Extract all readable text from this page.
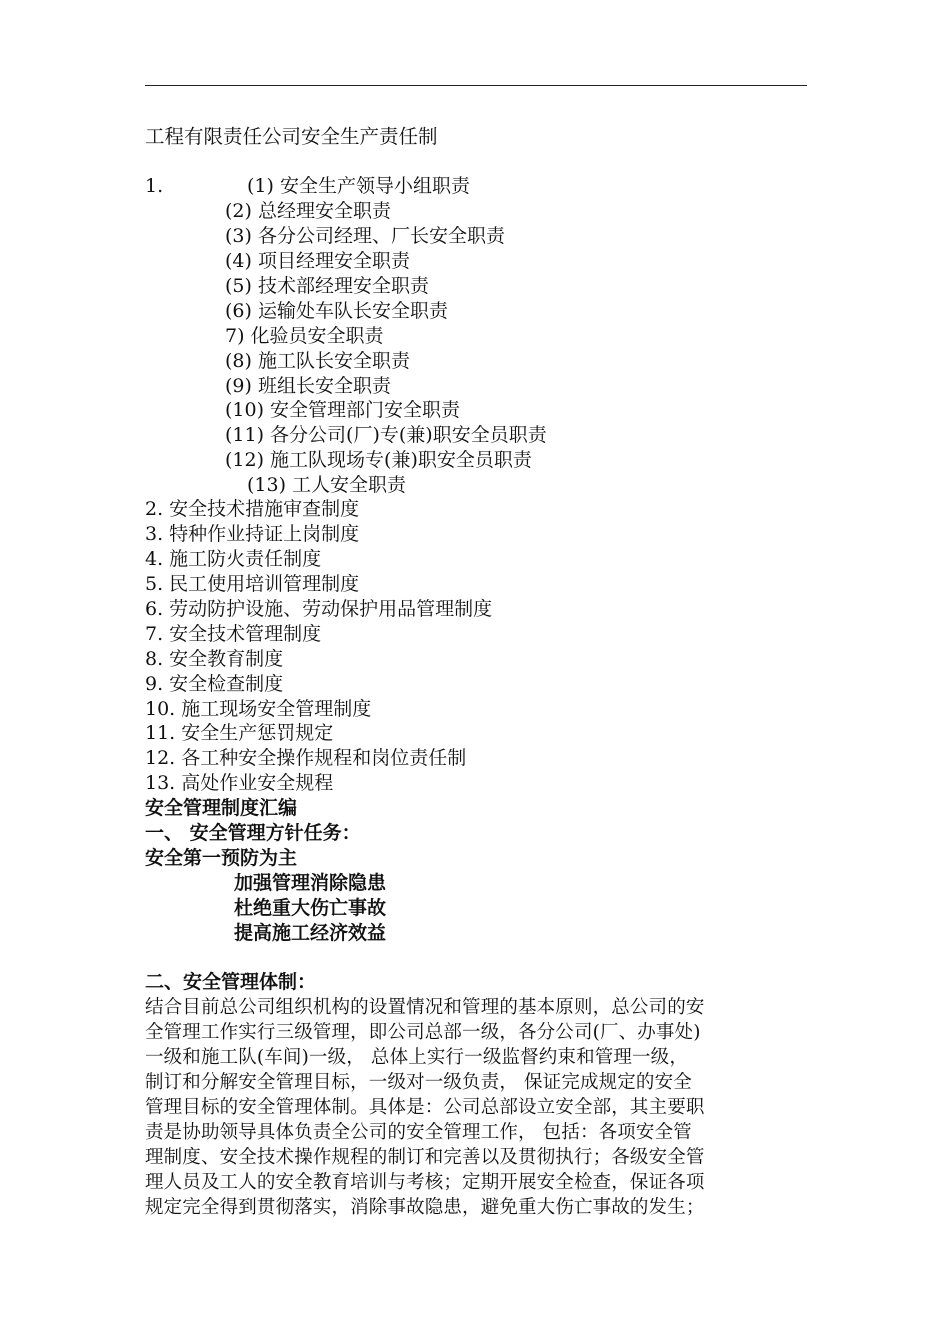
工程有限责任公司安全生产责任制
1.	(1) 安全生产领导小组职责
(2) 总经理安全职责
(3) 各分公司经理、厂长安全职责
(4) 项目经理安全职责
(5) 技术部经理安全职责
(6) 运输处车队长安全职责
7) 化验员安全职责
(8) 施工队长安全职责
(9) 班组长安全职责
(10) 安全管理部门安全职责
(11) 各分公司(厂)专(兼)职安全员职责
(12) 施工队现场专(兼)职安全员职责
(13) 工人安全职责
2. 安全技术措施审查制度
3. 特种作业持证上岗制度
4. 施工防火责任制度
5. 民工使用培训管理制度
6. 劳动防护设施、劳动保护用品管理制度
7. 安全技术管理制度
8. 安全教育制度
9. 安全检查制度
10. 施工现场安全管理制度
11. 安全生产惩罚规定
12. 各工种安全操作规程和岗位责任制
13. 高处作业安全规程
安全管理制度汇编
一、 安全管理方针任务：
安全第一预防为主
加强管理消除隐患
杜绝重大伤亡事故
提高施工经济效益
二、安全管理体制：
结合目前总公司组织机构的设置情况和管理的基本原则，总公司的安
全管理工作实行三级管理，即公司总部一级，各分公司(厂、办事处)
一级和施工队(车间)一级， 总体上实行一级监督约束和管理一级，
制订和分解安全管理目标，一级对一级负责， 保证完成规定的安全
管理目标的安全管理体制。具体是：公司总部设立安全部，其主要职
责是协助领导具体负责全公司的安全管理工作， 包括：各项安全管
理制度、安全技术操作规程的制订和完善以及贯彻执行；各级安全管
理人员及工人的安全教育培训与考核；定期开展安全检查，保证各项
规定完全得到贯彻落实，消除事故隐患，避免重大伤亡事故的发生；
